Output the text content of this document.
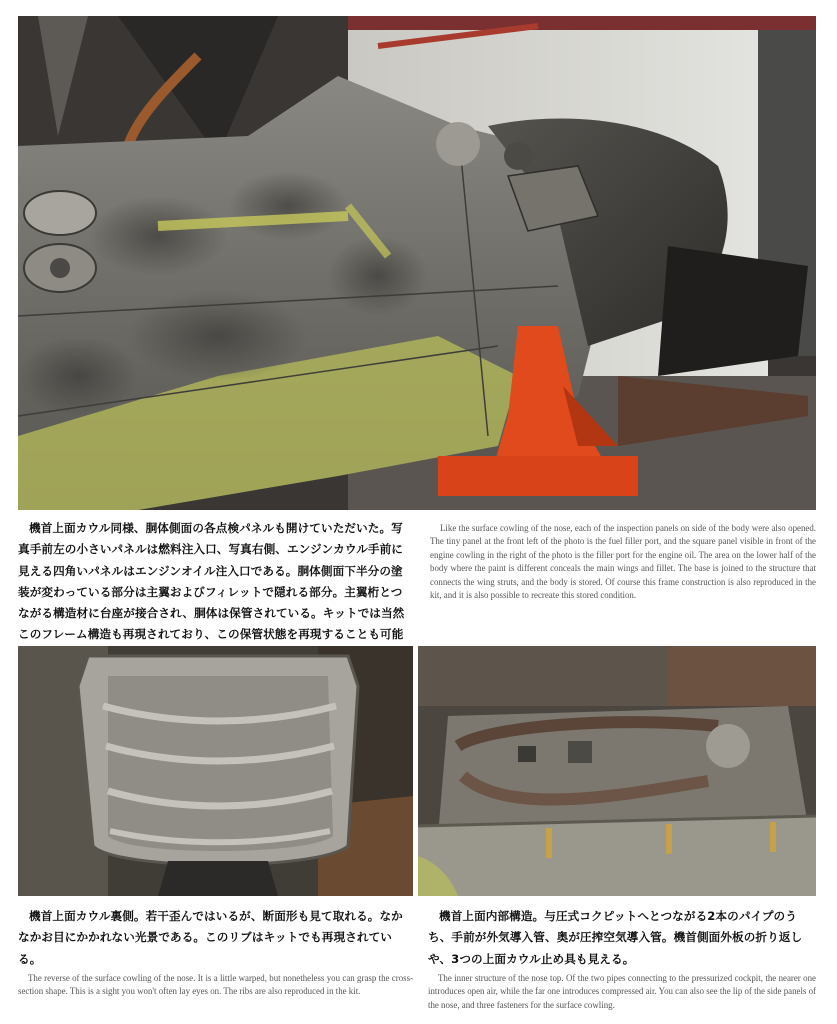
機首上面カウル同様、胴体側面の各点検パネルも開けていただいた。写真手前左の小さいパネルは燃料注入口、写真右側、エンジンカウル手前に見える四角いパネルはエンジンオイル注入口である。胴体側面下半分の塗装が変わっている部分は主翼およびフィレットで隠れる部分。主翼桁とつながる構造材に台座が接合され、胴体は保管されている。キットでは当然このフレーム構造も再現されており、この保管状態を再現することも可能

Like the surface cowling of the nose, each of the inspection panels on side of the body were also opened. The tiny panel at the front left of the photo is the fuel filler port, and the square panel visible in front of the engine cowling in the right of the photo is the filler port for the engine oil. The area on the lower half of the body where the paint is different conceals the main wings and fillet. The base is joined to the structure that connects the wing struts, and the body is stored. Of course this frame construction is also reproduced in the kit, and it is also possible to recreate this stored condition.

機首上面カウル裏側。若干歪んではいるが、断面形も見て取れる。なかなかお目にかかれない光景である。このリブはキットでも再現されている。

The reverse of the surface cowling of the nose. It is a little warped, but nonetheless you can grasp the cross-section shape. This is a sight you won't often lay eyes on. The ribs are also reproduced in the kit.

機首上面内部構造。与圧式コクピットへとつながる2本のパイプのうち、手前が外気導入管、奥が圧搾空気導入管。機首側面外板の折り返しや、3つの上面カウル止め具も見える。

The inner structure of the nose top. Of the two pipes connecting to the pressurized cockpit, the nearer one introduces open air, while the far one introduces compressed air. You can also see the lip of the side panels of the nose, and three fasteners for the surface cowling.
